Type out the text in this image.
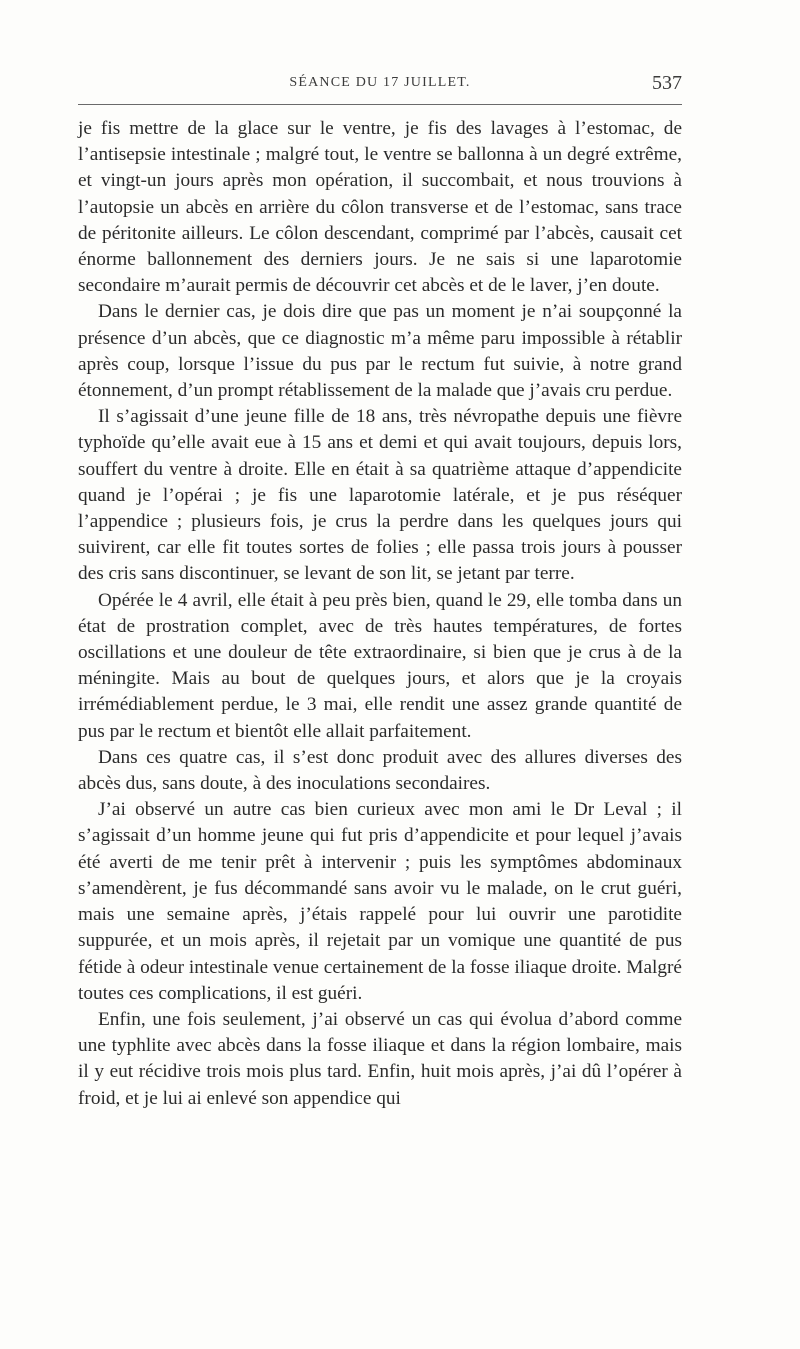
SÉANCE DU 17 JUILLET.	537

je fis mettre de la glace sur le ventre, je fis des lavages à l’estomac, de l’antisepsie intestinale ; malgré tout, le ventre se ballonna à un degré extrême, et vingt-un jours après mon opération, il succombait, et nous trouvions à l’autopsie un abcès en arrière du côlon transverse et de l’estomac, sans trace de péritonite ailleurs. Le côlon descendant, comprimé par l’abcès, causait cet énorme ballonnement des derniers jours. Je ne sais si une laparotomie secondaire m’aurait permis de découvrir cet abcès et de le laver, j’en doute.

Dans le dernier cas, je dois dire que pas un moment je n’ai soupçonné la présence d’un abcès, que ce diagnostic m’a même paru impossible à rétablir après coup, lorsque l’issue du pus par le rectum fut suivie, à notre grand étonnement, d’un prompt rétablissement de la malade que j’avais cru perdue.

Il s’agissait d’une jeune fille de 18 ans, très névropathe depuis une fièvre typhoïde qu’elle avait eue à 15 ans et demi et qui avait toujours, depuis lors, souffert du ventre à droite. Elle en était à sa quatrième attaque d’appendicite quand je l’opérai ; je fis une laparotomie latérale, et je pus réséquer l’appendice ; plusieurs fois, je crus la perdre dans les quelques jours qui suivirent, car elle fit toutes sortes de folies ; elle passa trois jours à pousser des cris sans discontinuer, se levant de son lit, se jetant par terre.

Opérée le 4 avril, elle était à peu près bien, quand le 29, elle tomba dans un état de prostration complet, avec de très hautes températures, de fortes oscillations et une douleur de tête extraordinaire, si bien que je crus à de la méningite. Mais au bout de quelques jours, et alors que je la croyais irrémédiablement perdue, le 3 mai, elle rendit une assez grande quantité de pus par le rectum et bientôt elle allait parfaitement.

Dans ces quatre cas, il s’est donc produit avec des allures diverses des abcès dus, sans doute, à des inoculations secondaires.

J’ai observé un autre cas bien curieux avec mon ami le Dr Leval ; il s’agissait d’un homme jeune qui fut pris d’appendicite et pour lequel j’avais été averti de me tenir prêt à intervenir ; puis les symptômes abdominaux s’amendèrent, je fus décommandé sans avoir vu le malade, on le crut guéri, mais une semaine après, j’étais rappelé pour lui ouvrir une parotidite suppurée, et un mois après, il rejetait par un vomique une quantité de pus fétide à odeur intestinale venue certainement de la fosse iliaque droite. Malgré toutes ces complications, il est guéri.

Enfin, une fois seulement, j’ai observé un cas qui évolua d’abord comme une typhlite avec abcès dans la fosse iliaque et dans la région lombaire, mais il y eut récidive trois mois plus tard. Enfin, huit mois après, j’ai dû l’opérer à froid, et je lui ai enlevé son appendice qui
